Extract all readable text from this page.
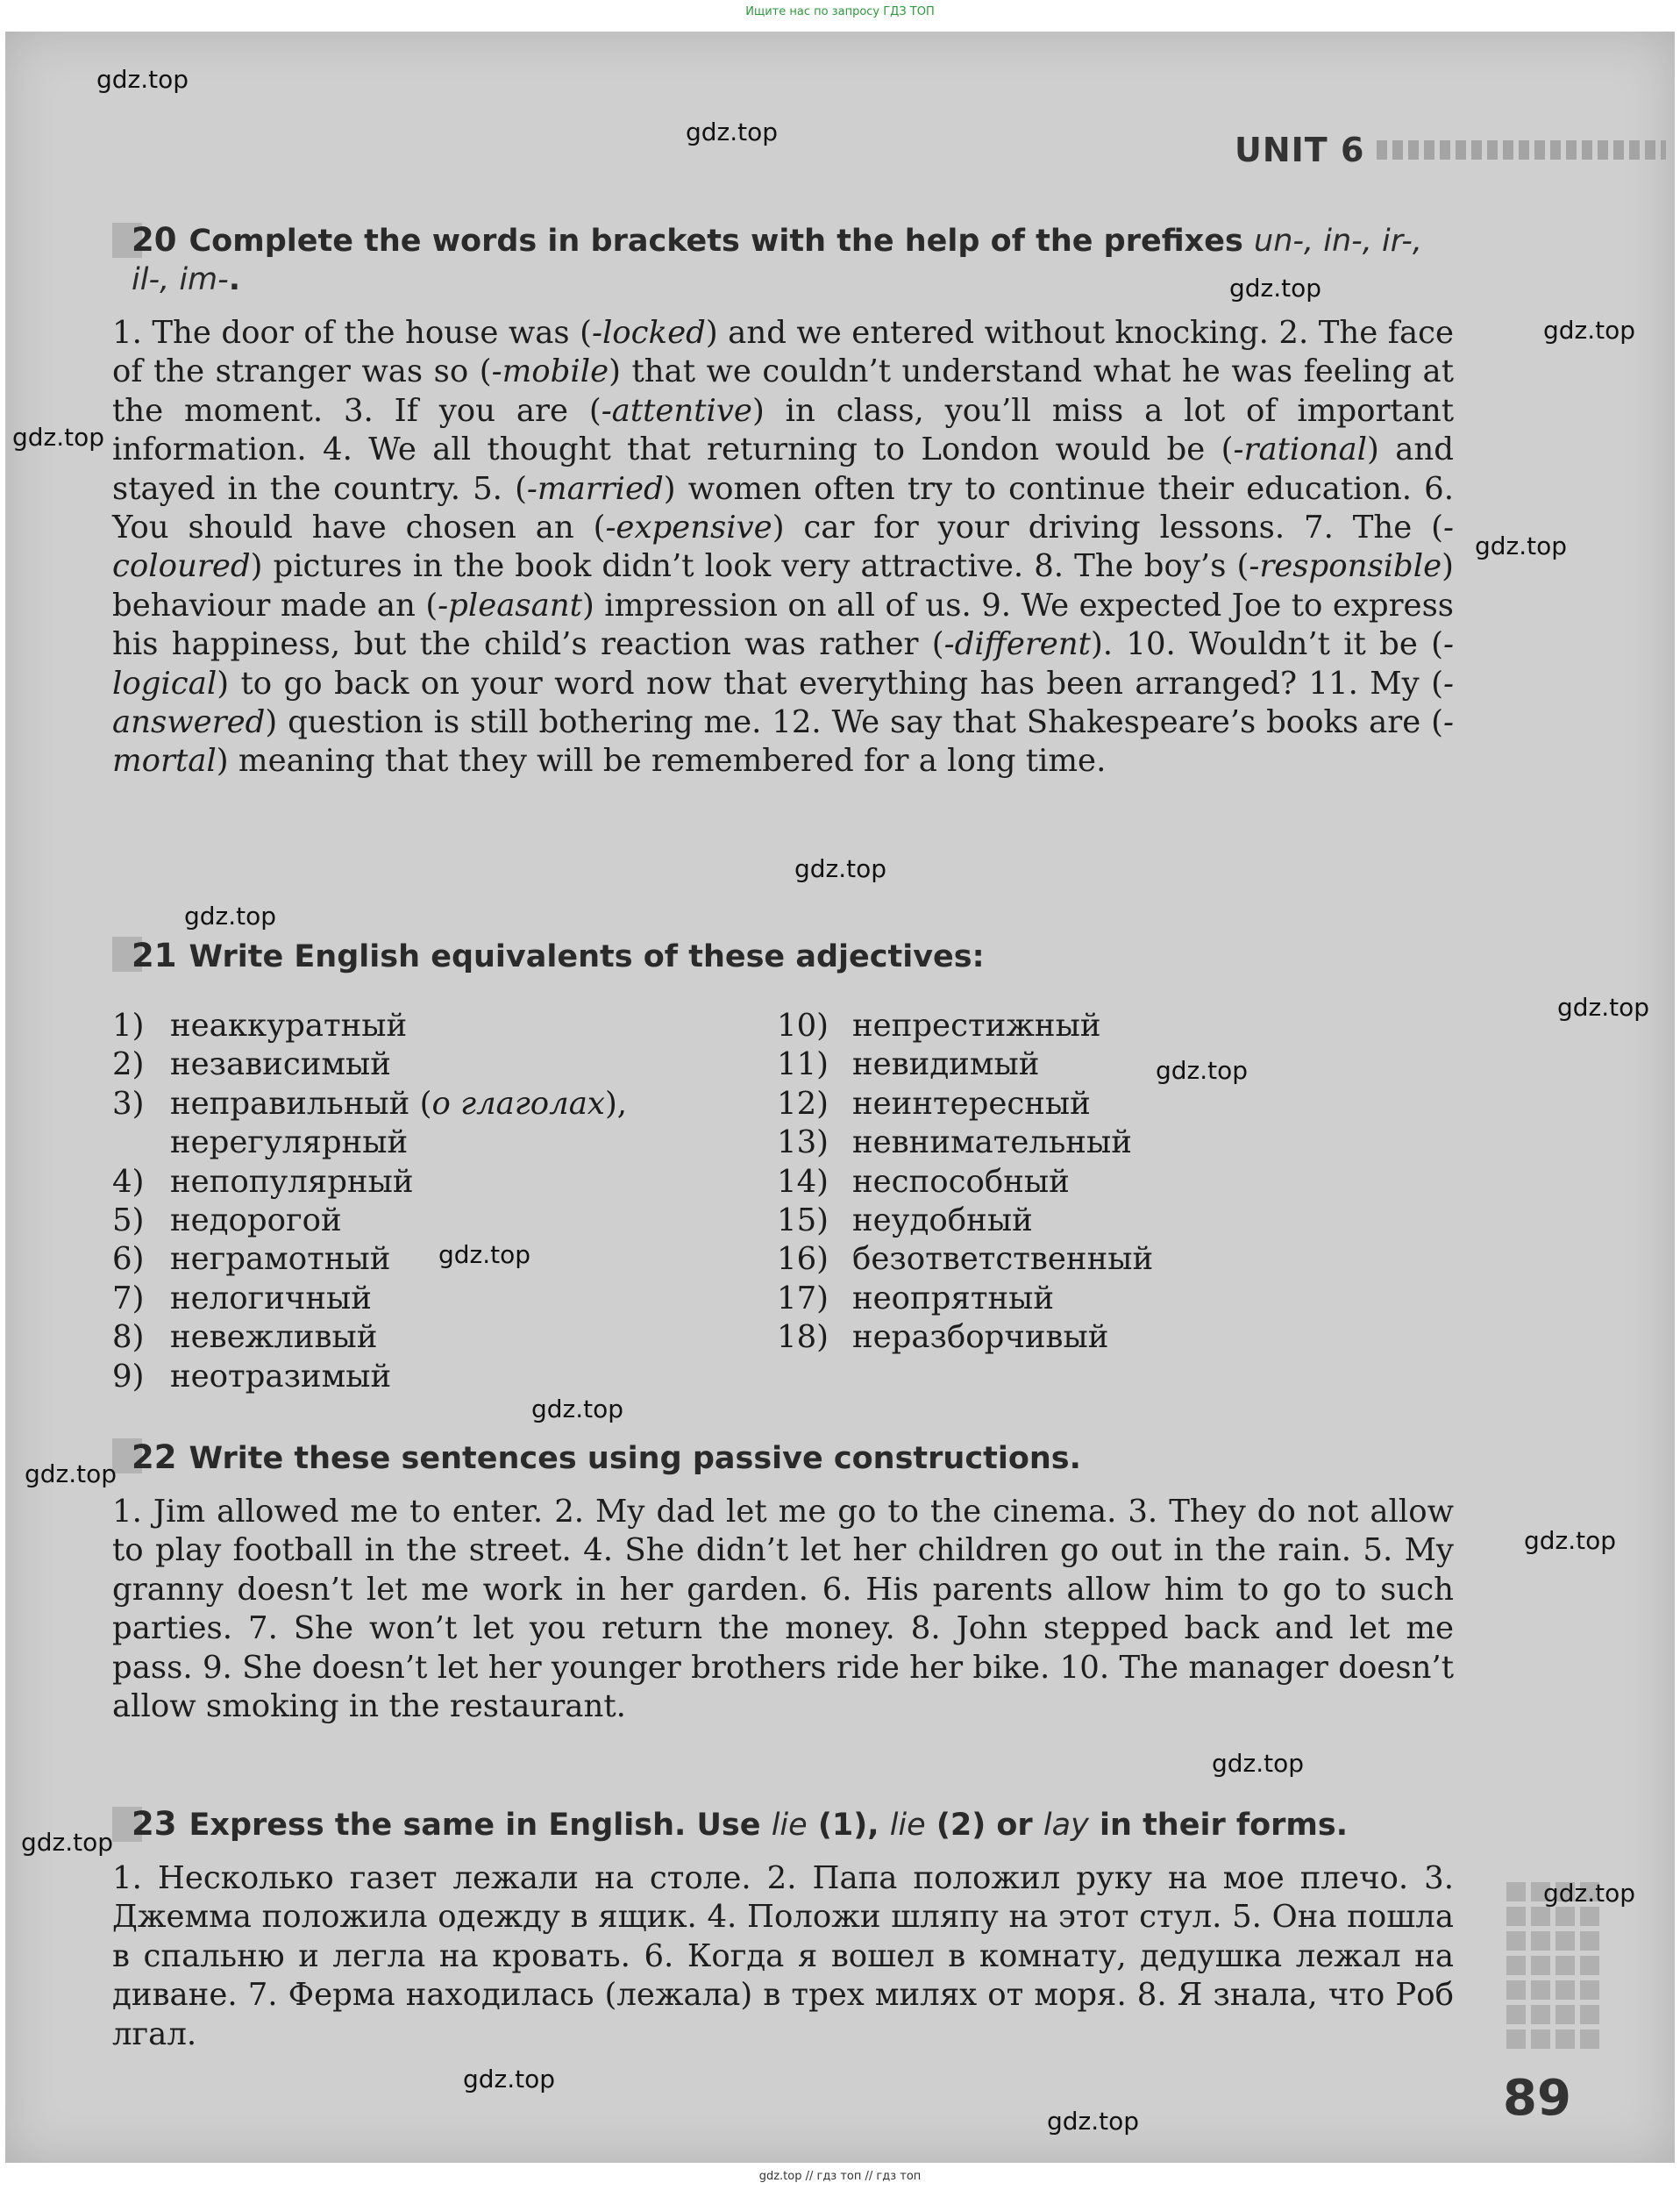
Ищите нас по запросу ГДЗ ТОП
UNIT 6
20 Complete the words in brackets with the help of the prefixes un-, in-, ir-, il-, im-.
1. The door of the house was (-locked) and we entered without knocking. 2. The face of the stranger was so (-mobile) that we couldn’t understand what he was feeling at the moment. 3. If you are (-attentive) in class, you’ll miss a lot of important information. 4. We all thought that returning to London would be (-rational) and stayed in the country. 5. (-married) women often try to continue their education. 6. You should have chosen an (-expensive) car for your driving lessons. 7. The (-coloured) pictures in the book didn’t look very attractive. 8. The boy’s (-responsible) behaviour made an (-pleasant) impression on all of us. 9. We expected Joe to express his happiness, but the child’s reaction was rather (-different). 10. Wouldn’t it be (-logical) to go back on your word now that everything has been arranged? 11. My (-answered) question is still bothering me. 12. We say that Shakespeare’s books are (-mortal) meaning that they will be remembered for a long time.
21 Write English equivalents of these adjectives:
1) неаккуратный
2) независимый
3) неправильный (о глаголах),
нерегулярный
4) непопулярный
5) недорогой
6) неграмотный
7) нелогичный
8) невежливый
9) неотразимый
10) непрестижный
11) невидимый
12) неинтересный
13) невнимательный
14) неспособный
15) неудобный
16) безответственный
17) неопрятный
18) неразборчивый
22 Write these sentences using passive constructions.
1. Jim allowed me to enter. 2. My dad let me go to the cinema. 3. They do not allow to play football in the street. 4. She didn’t let her children go out in the rain. 5. My granny doesn’t let me work in her garden. 6. His parents allow him to go to such parties. 7. She won’t let you return the money. 8. John stepped back and let me pass. 9. She doesn’t let her younger brothers ride her bike. 10. The manager doesn’t allow smoking in the restaurant.
23 Express the same in English. Use lie (1), lie (2) or lay in their forms.
1. Несколько газет лежали на столе. 2. Папа положил руку на мое плечо. 3. Джемма положила одежду в ящик. 4. Положи шляпу на этот стул. 5. Она пошла в спальню и легла на кровать. 6. Когда я вошел в комнату, дедушка лежал на диване. 7. Ферма находилась (лежала) в трех милях от моря. 8. Я знала, что Роб лгал.
89
gdz.top
gdz.top
gdz.top
gdz.top
gdz.top
gdz.top
gdz.top
gdz.top
gdz.top
gdz.top
gdz.top
gdz.top
gdz.top
gdz.top
gdz.top
gdz.top
gdz.top
gdz.top
gdz.top
gdz.top // гдз топ // гдз топ
